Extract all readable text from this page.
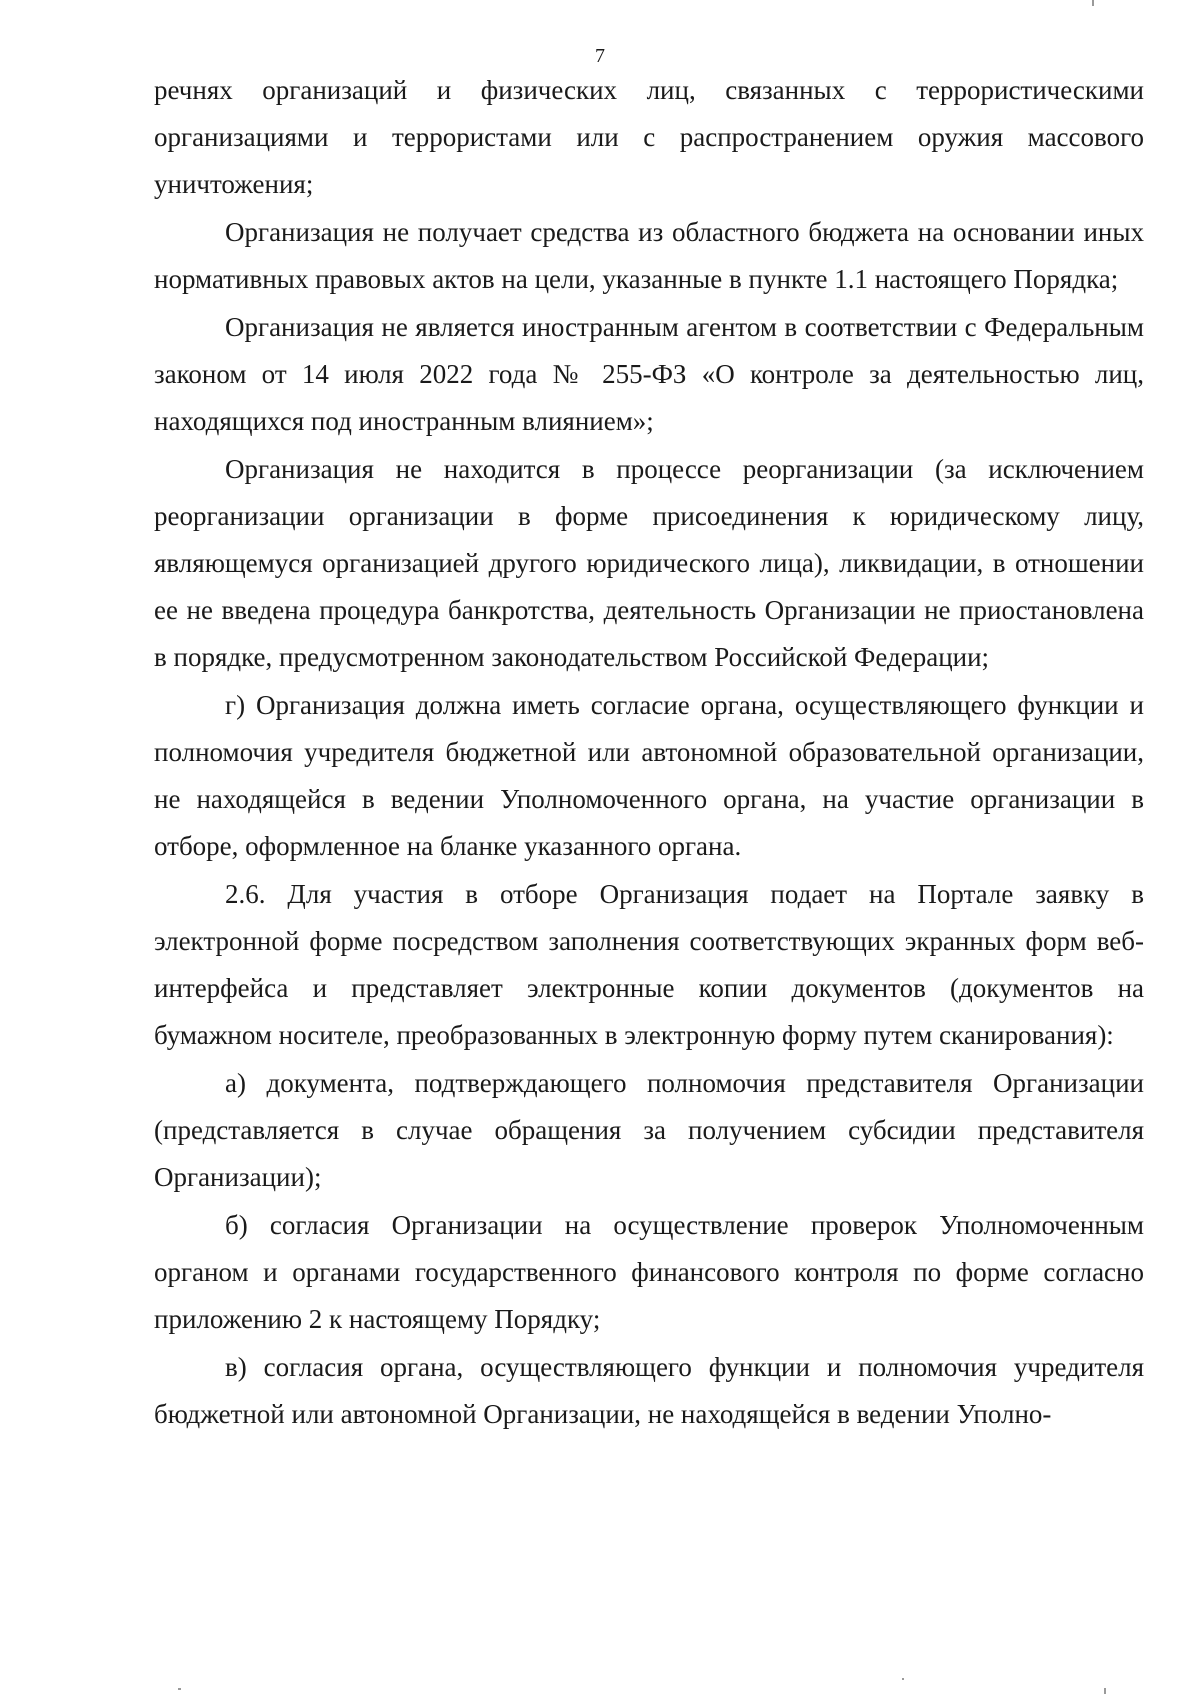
7

речнях организаций и физических лиц, связанных с террористическими организациями и террористами или с распространением оружия массового уничтожения;

Организация не получает средства из областного бюджета на основании иных нормативных правовых актов на цели, указанные в пункте 1.1 настоящего Порядка;

Организация не является иностранным агентом в соответствии с Федеральным законом от 14 июля 2022 года № 255-ФЗ «О контроле за деятельностью лиц, находящихся под иностранным влиянием»;

Организация не находится в процессе реорганизации (за исключением реорганизации организации в форме присоединения к юридическому лицу, являющемуся организацией другого юридического лица), ликвидации, в отношении ее не введена процедура банкротства, деятельность Организации не приостановлена в порядке, предусмотренном законодательством Российской Федерации;

г) Организация должна иметь согласие органа, осуществляющего функции и полномочия учредителя бюджетной или автономной образовательной организации, не находящейся в ведении Уполномоченного органа, на участие организации в отборе, оформленное на бланке указанного органа.

2.6. Для участия в отборе Организация подает на Портале заявку в электронной форме посредством заполнения соответствующих экранных форм веб-интерфейса и представляет электронные копии документов (документов на бумажном носителе, преобразованных в электронную форму путем сканирования):

а) документа, подтверждающего полномочия представителя Организации (представляется в случае обращения за получением субсидии представителя Организации);

б) согласия Организации на осуществление проверок Уполномоченным органом и органами государственного финансового контроля по форме согласно приложению 2 к настоящему Порядку;

в) согласия органа, осуществляющего функции и полномочия учредителя бюджетной или автономной Организации, не находящейся в ведении Уполно-
